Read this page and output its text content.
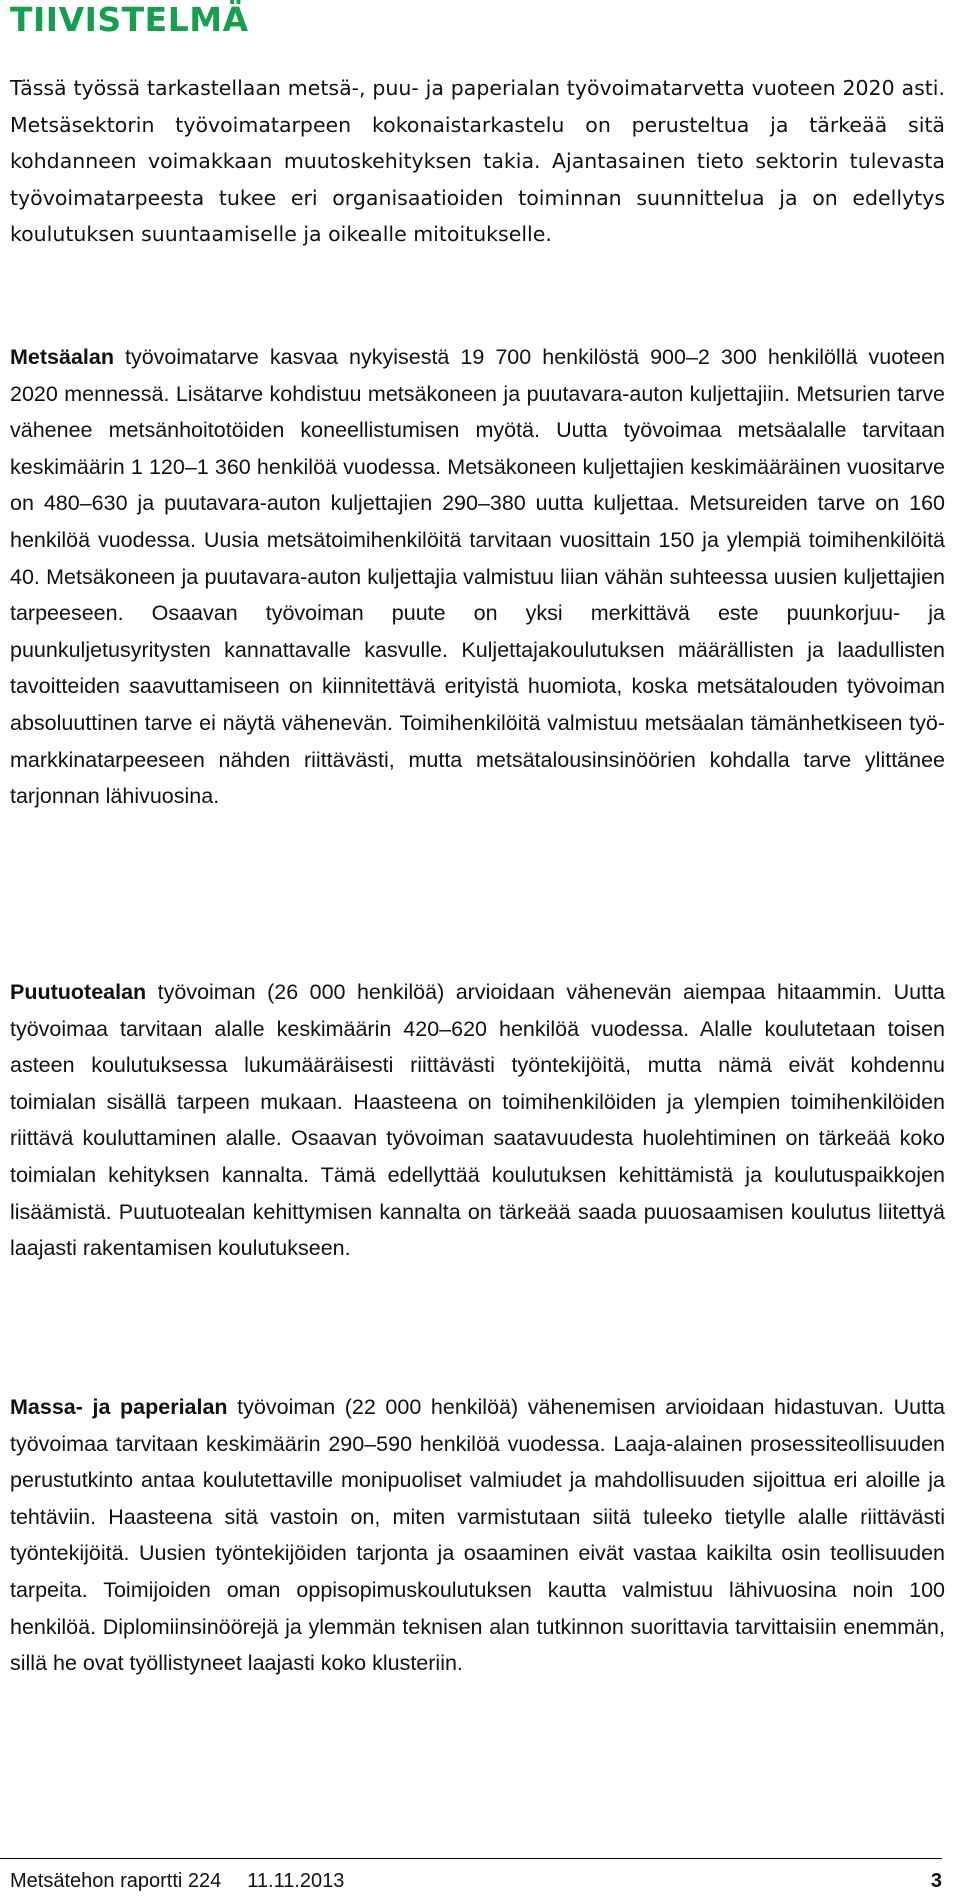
TIIVISTELMÄ

Tässä työssä tarkastellaan metsä-, puu- ja paperialan työvoimatarvetta vuoteen 2020 asti. Metsäsektorin työvoimatarpeen kokonaistarkastelu on perusteltua ja tärkeää sitä kohdanneen voimakkaan muutoskehityksen takia. Ajantasainen tieto sektorin tulevasta työvoimatarpeesta tukee eri organisaatioiden toiminnan suunnittelua ja on edellytys koulutuksen suuntaamiselle ja oikealle mitoitukselle.

Metsäalan työvoimatarve kasvaa nykyisestä 19 700 henkilöstä 900–2 300 henkilöllä vuoteen 2020 mennessä. Lisätarve kohdistuu metsäkoneen ja puutavara-auton kuljettajiin. Metsurien tarve vähenee metsänhoitotöiden koneellistumisen myötä. Uutta työvoimaa metsäalalle tarvitaan keskimäärin 1 120–1 360 henkilöä vuodessa. Metsäkoneen kuljettajien keskimääräinen vuositarve on 480–630 ja puutavara-auton kuljettajien 290–380 uutta kuljettaa. Metsureiden tarve on 160 henkilöä vuodessa. Uusia metsätoimihenkilöitä tarvitaan vuosittain 150 ja ylempiä toimihenkilöitä 40. Metsäkoneen ja puutavara-auton kuljettajia valmistuu liian vähän suhteessa uusien kuljettajien tarpeeseen. Osaavan työvoiman puute on yksi merkittävä este puunkorjuu- ja puunkuljetusyritysten kannattavalle kasvulle. Kuljettajakoulutuksen määrällisten ja laadullisten tavoitteiden saavuttamiseen on kiinnitettävä erityistä huomiota, koska metsätalouden työvoiman absoluuttinen tarve ei näytä vähenevän. Toimihenkilöitä valmistuu metsäalan tämänhetkiseen työmarkkinatarpeeseen nähden riittävästi, mutta metsätalousinsinöörien kohdalla tarve ylittänee tarjonnan lähivuosina.

Puutuotealan työvoiman (26 000 henkilöä) arvioidaan vähenevän aiempaa hitaammin. Uutta työvoimaa tarvitaan alalle keskimäärin 420–620 henkilöä vuodessa. Alalle koulutetaan toisen asteen koulutuksessa lukumääräisesti riittävästi työntekijöitä, mutta nämä eivät kohdennu toimialan sisällä tarpeen mukaan. Haasteena on toimihenkilöiden ja ylempien toimihenkilöiden riittävä kouluttaminen alalle. Osaavan työvoiman saatavuudesta huolehtiminen on tärkeää koko toimialan kehityksen kannalta. Tämä edellyttää koulutuksen kehittämistä ja koulutuspaikkojen lisäämistä. Puutuotealan kehittymisen kannalta on tärkeää saada puuosaamisen koulutus liitettyä laajasti rakentamisen koulutukseen.

Massa- ja paperialan työvoiman (22 000 henkilöä) vähenemisen arvioidaan hidastuvan. Uutta työvoimaa tarvitaan keskimäärin 290–590 henkilöä vuodessa. Laaja-alainen prosessiteollisuuden perustutkinto antaa koulutettaville monipuoliset valmiudet ja mahdollisuuden sijoittua eri aloille ja tehtäviin. Haasteena sitä vastoin on, miten varmistutaan siitä tuleeko tietylle alalle riittävästi työntekijöitä. Uusien työntekijöiden tarjonta ja osaaminen eivät vastaa kaikilta osin teollisuuden tarpeita. Toimijoiden oman oppisopimuskoulutuksen kautta valmistuu lähivuosina noin 100 henkilöä. Diplomiinsinöörejä ja ylemmän teknisen alan tutkinnon suorittavia tarvittaisiin enemmän, sillä he ovat työllistyneet laajasti koko klusteriin.

Metsätehon raportti 224 11.11.2013	3
